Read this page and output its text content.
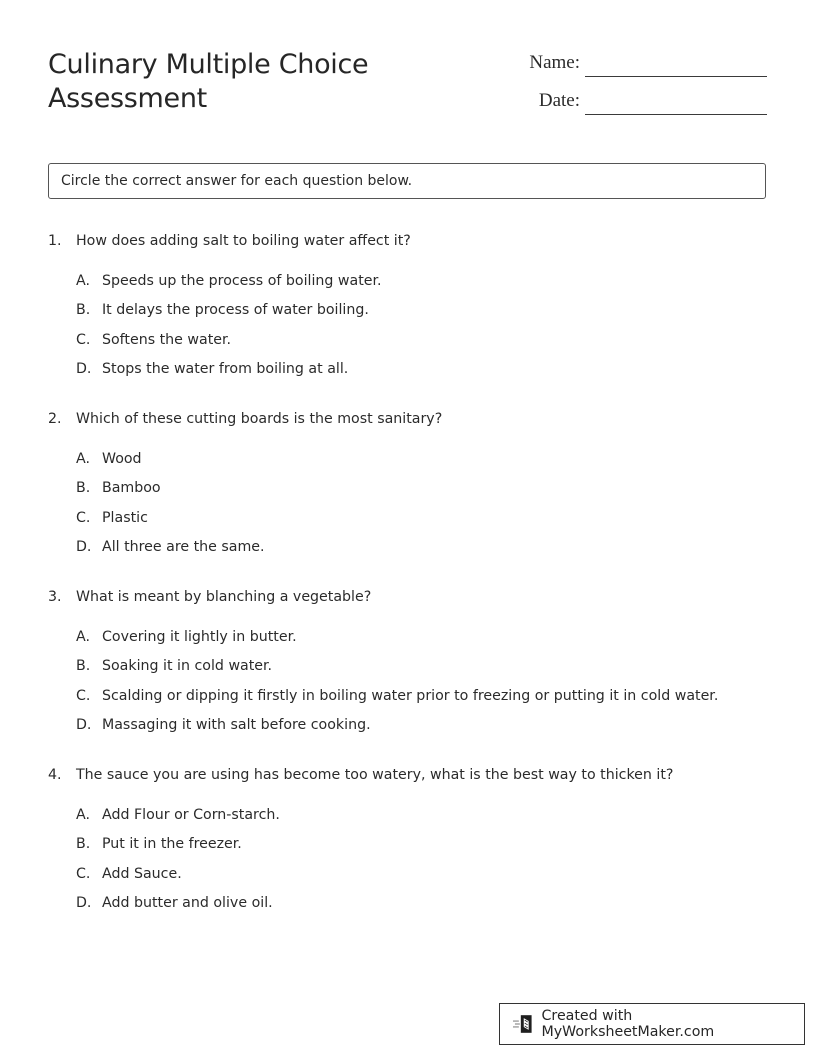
Culinary Multiple Choice Assessment
Name:
Date:
Circle the correct answer for each question below.
1.	How does adding salt to boiling water affect it?
A. Speeds up the process of boiling water.
B. It delays the process of water boiling.
C. Softens the water.
D. Stops the water from boiling at all.
2.	Which of these cutting boards is the most sanitary?
A. Wood
B. Bamboo
C. Plastic
D. All three are the same.
3.	What is meant by blanching a vegetable?
A. Covering it lightly in butter.
B. Soaking it in cold water.
C. Scalding or dipping it firstly in boiling water prior to freezing or putting it in cold water.
D. Massaging it with salt before cooking.
4.	The sauce you are using has become too watery, what is the best way to thicken it?
A. Add Flour or Corn-starch.
B. Put it in the freezer.
C. Add Sauce.
D. Add butter and olive oil.
Created with MyWorksheetMaker.com
